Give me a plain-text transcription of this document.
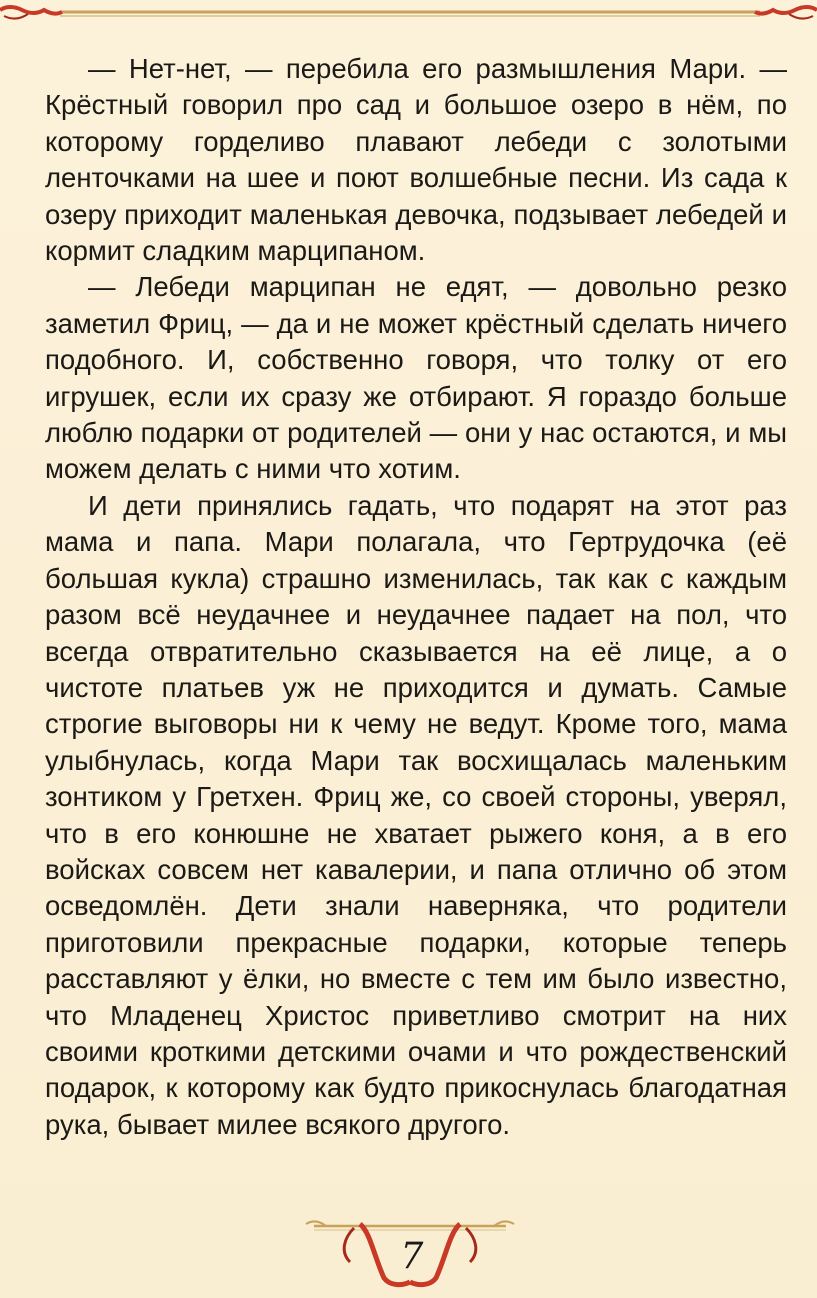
— Нет-нет, — перебила его размышления Мари. — Крёстный говорил про сад и большое озеро в нём, по которому горделиво плавают лебеди с золотыми ленточками на шее и поют волшебные песни. Из сада к озеру приходит маленькая девочка, подзывает лебедей и кормит сладким марципаном.

— Лебеди марципан не едят, — довольно резко заметил Фриц, — да и не может крёстный сделать ничего подобного. И, собственно говоря, что толку от его игрушек, если их сразу же отбирают. Я гораздо больше люблю подарки от родителей — они у нас остаются, и мы можем делать с ними что хотим.

И дети принялись гадать, что подарят на этот раз мама и папа. Мари полагала, что Гертрудочка (её большая кукла) страшно изменилась, так как с каждым разом всё неудачнее и неудачнее падает на пол, что всегда отвратительно сказывается на её лице, а о чистоте платьев уж не приходится и думать. Самые строгие выговоры ни к чему не ведут. Кроме того, мама улыбнулась, когда Мари так восхищалась маленьким зонтиком у Гретхен. Фриц же, со своей стороны, уверял, что в его конюшне не хватает рыжего коня, а в его войсках совсем нет кавалерии, и папа отлично об этом осведомлён. Дети знали наверняка, что родители приготовили прекрасные подарки, которые теперь расставляют у ёлки, но вместе с тем им было известно, что Младенец Христос приветливо смотрит на них своими кроткими детскими очами и что рождественский подарок, к которому как будто прикоснулась благодатная рука, бывает милее всякого другого.

7
